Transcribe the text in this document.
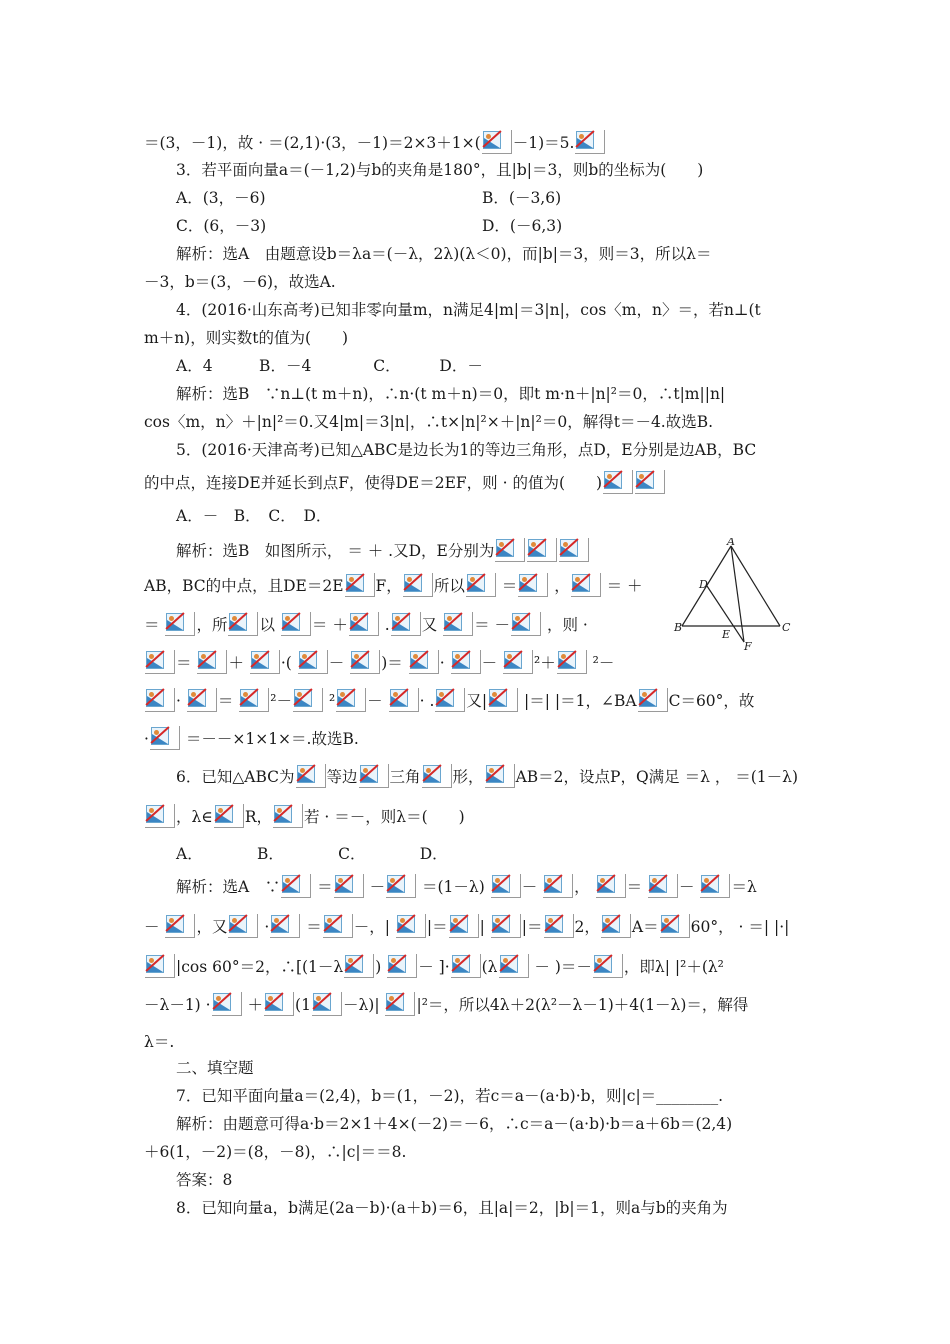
＝(3，－1)，故 · ＝(2,1)·(3，－1)＝2×3＋1×( －1)＝5.
3．若平面向量a＝(－1,2)与b的夹角是180°，且|b|＝3，则b的坐标为(　　)
A．(3，－6)	B．(－3,6)
C．(6，－3)	D．(－6,3)
解析：选A　由题意设b＝λa＝(－λ，2λ)(λ＜0)，而|b|＝3，则＝3，所以λ＝
－3，b＝(3，－6)，故选A.
4．(2016·山东高考)已知非零向量m，n满足4|m|＝3|n|，cos〈m，n〉＝，若n⊥(t
m＋n)，则实数t的值为(　　)
A．4　　　B．－4　　　　C．　　　D．－
解析：选B　∵n⊥(t m＋n)，∴n·(t m＋n)＝0，即t m·n＋|n|²＝0，∴t|m||n|
cos〈m，n〉＋|n|²＝0.又4|m|＝3|n|，∴t×|n|²×＋|n|²＝0，解得t＝－4.故选B.
5．(2016·天津高考)已知△ABC是边长为1的等边三角形，点D，E分别是边AB，BC
的中点，连接DE并延长到点F，使得DE＝2EF，则 · 的值为(　　)
A．－　B．　C．　D．
解析：选B　如图所示， ＝ ＋ .又D，E分别为
AB，BC的中点，且DE＝2E F， 所以
＝
，
＝ ＋
＝
，所 以
＝ ＋
. 又
＝ －
，则 ·
＝
＋
·(
－
)＝
·
－
²＋
²－
·
＝
²－
² －
· . 又|
|＝| |＝1，∠BA C＝60°，故
·
＝－－×1×1×＝.故选B.
6．已知△ABC为 等边 三角 形， AB＝2，设点P，Q满足 ＝λ ， ＝(1－λ)
，λ∈ R， 若 · ＝－，则λ＝(　　)
A．　　　　B．　　　　C．　　　　D．
解析：选A　∵
＝
－
＝(1－λ)
－
，
＝
－
＝λ
－
，又
·
＝ －，|
|＝ |
|＝ 2， A＝ 60°， · ＝| |·|
|cos 60°＝2，∴[(1－λ )
－ ]· (λ
－ )＝－ ，即λ| |²＋(λ²
－λ－1) ·
＋ (1 －λ)|
|²＝，所以4λ＋2(λ²－λ－1)＋4(1－λ)＝，解得
λ＝.
二、填空题
7．已知平面向量a＝(2,4)，b＝(1，－2)，若c＝a－(a·b)·b，则|c|＝________.
解析：由题意可得a·b＝2×1＋4×(－2)＝－6，∴c＝a－(a·b)·b＝a＋6b＝(2,4)
＋6(1，－2)＝(8，－8)，∴|c|＝＝8.
答案：8
8．已知向量a，b满足(2a－b)·(a＋b)＝6，且|a|＝2，|b|＝1，则a与b的夹角为
A
D
B
E
C
F
